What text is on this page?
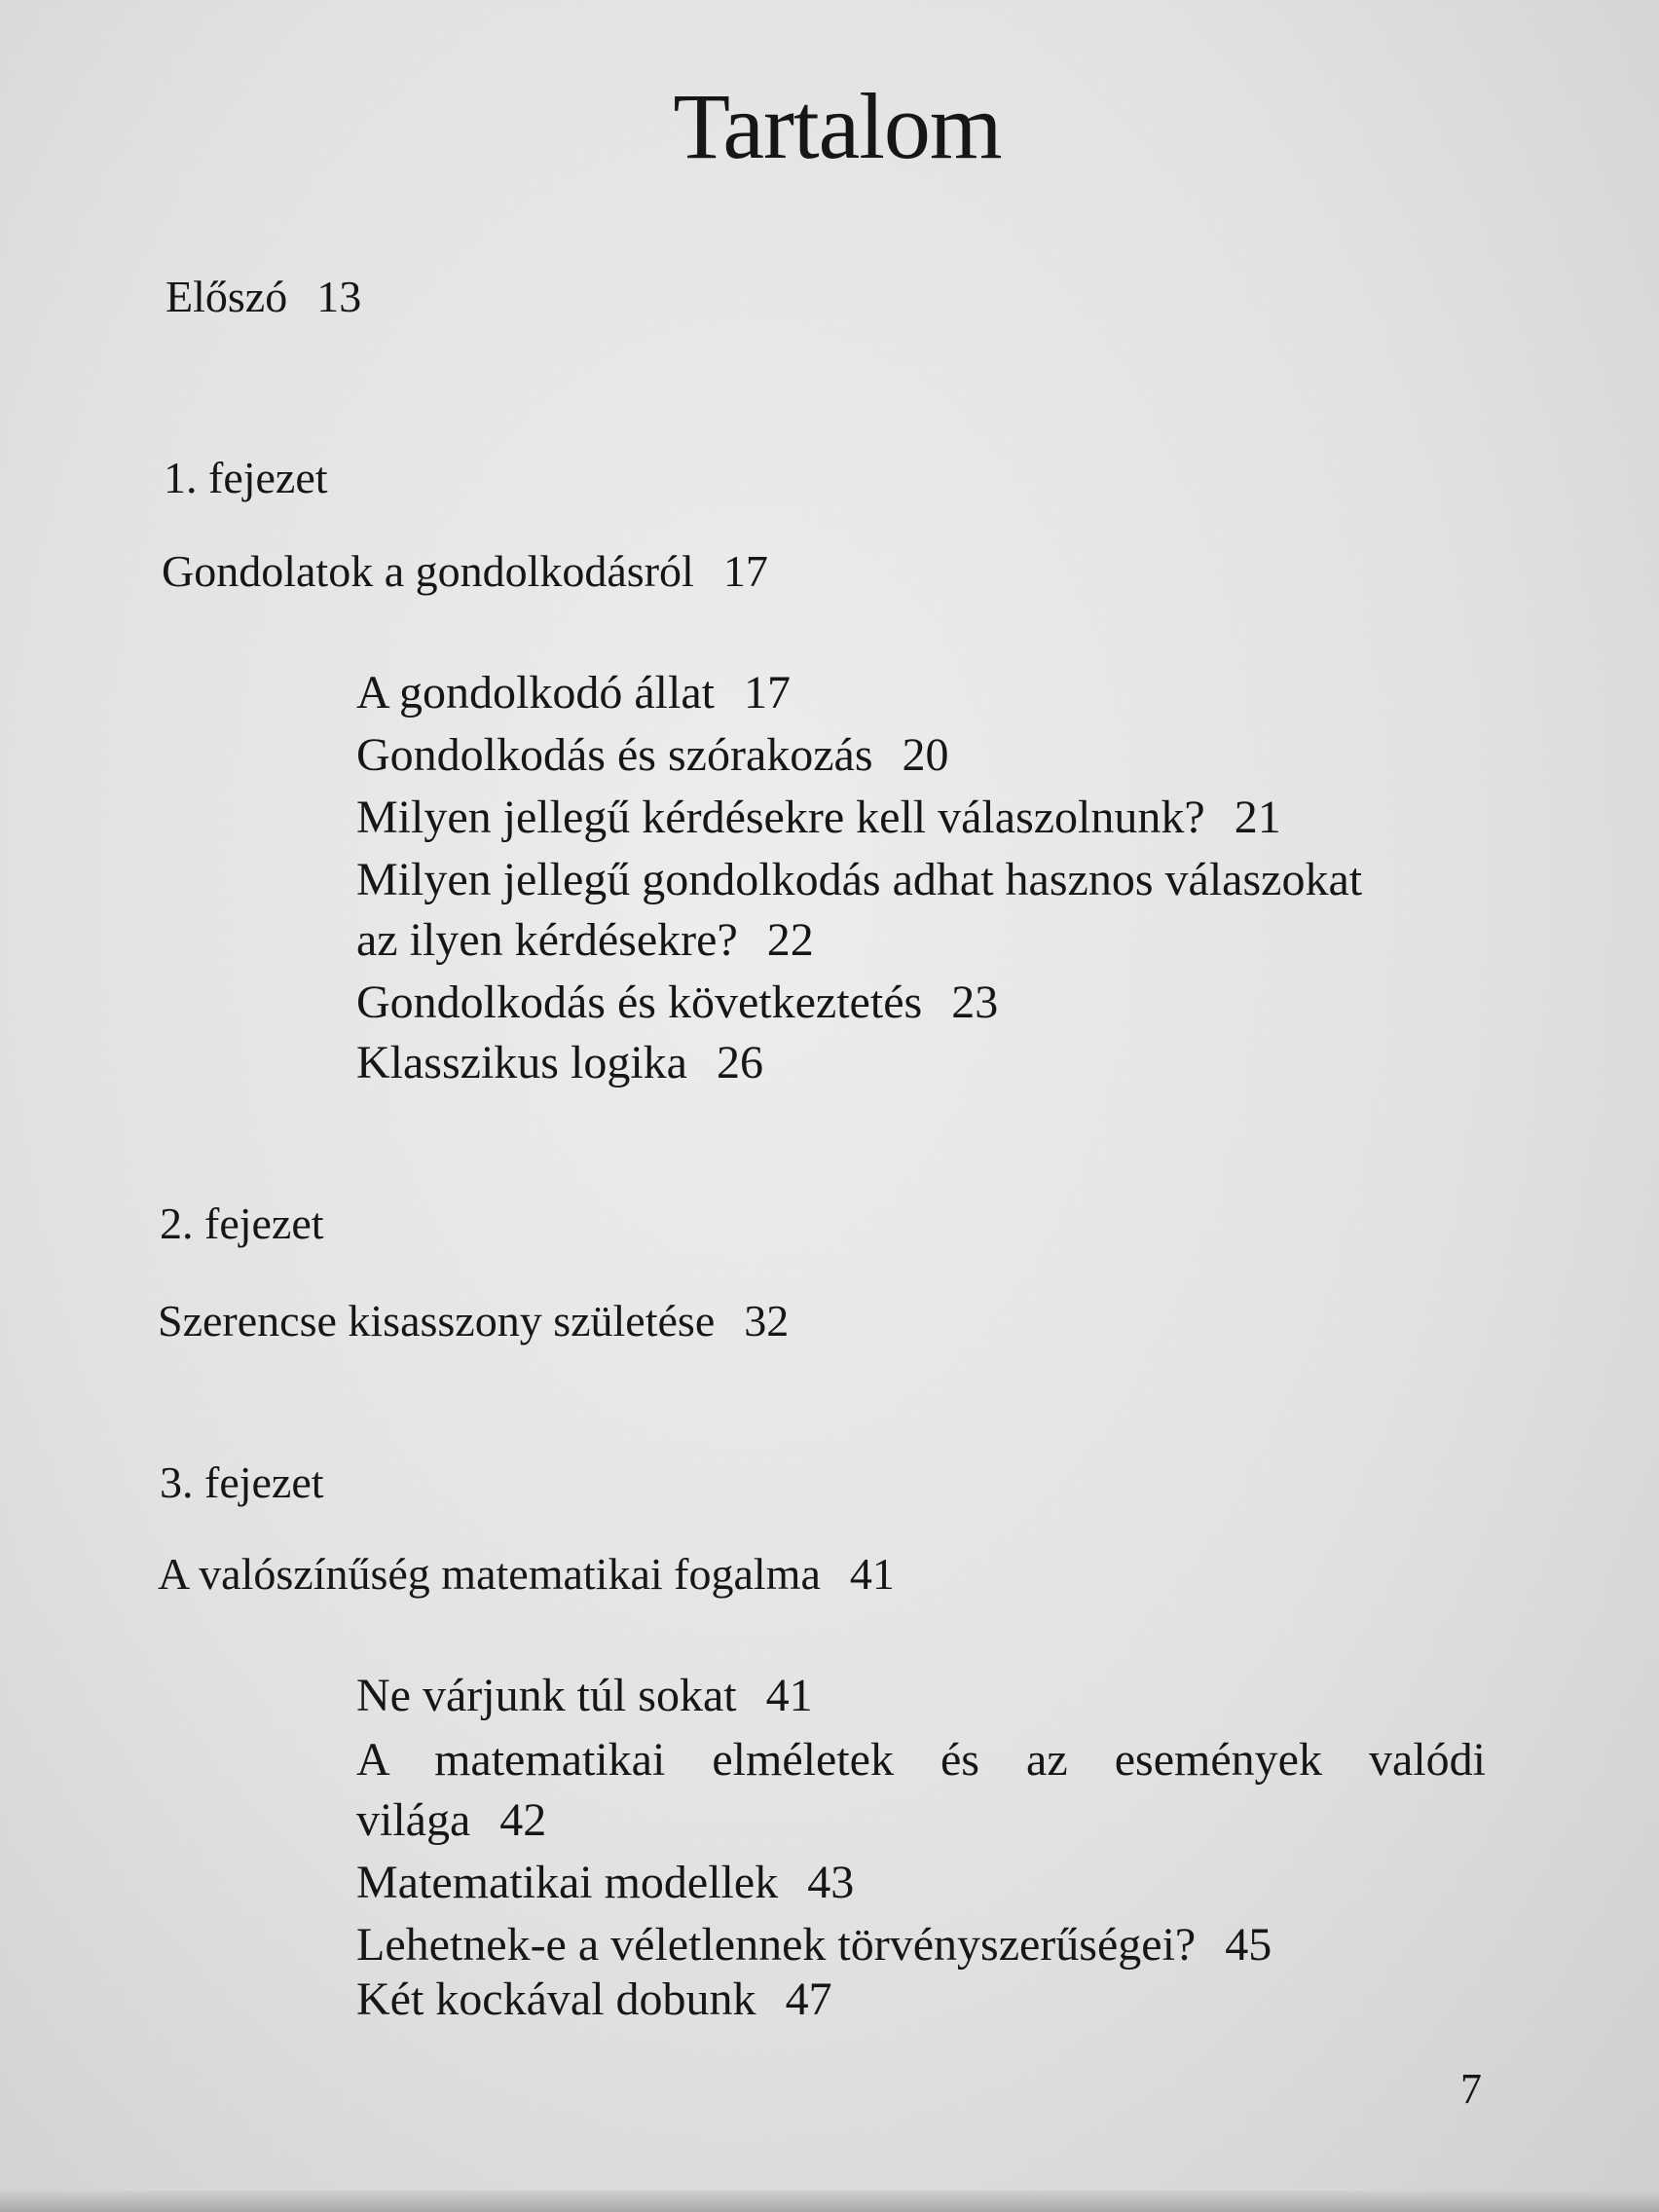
Tartalom
Előszó 13
1. fejezet
Gondolatok a gondolkodásról 17
A gondolkodó állat 17
Gondolkodás és szórakozás 20
Milyen jellegű kérdésekre kell válaszolnunk? 21
Milyen jellegű gondolkodás adhat hasznos válaszokat
az ilyen kérdésekre? 22
Gondolkodás és következtetés 23
Klasszikus logika 26
2. fejezet
Szerencse kisasszony születése 32
3. fejezet
A valószínűség matematikai fogalma 41
Ne várjunk túl sokat 41
A matematikai elméletek és az események valódi
világa 42
Matematikai modellek 43
Lehetnek-e a véletlennek törvényszerűségei? 45
Két kockával dobunk 47
7
